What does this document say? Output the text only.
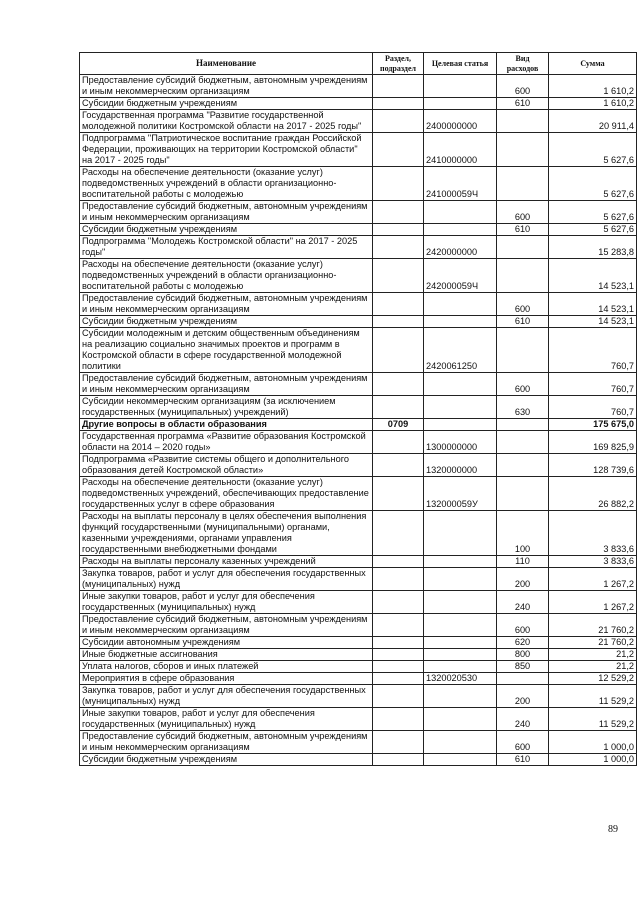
Наименование	Раздел, подраздел	Целевая статья	Вид расходов	Сумма
Предоставление субсидий бюджетным, автономным учреждениям и иным некоммерческим организациям			600	1 610,2
Субсидии бюджетным учреждениям			610	1 610,2
Государственная программа "Развитие государственной молодежной политики Костромской области на 2017 - 2025 годы"		2400000000		20 911,4
Подпрограмма "Патриотическое воспитание граждан Российской Федерации, проживающих на территории Костромской области" на 2017 - 2025 годы"		2410000000		5 627,6
Расходы на обеспечение деятельности (оказание услуг) подведомственных учреждений в области организационно-воспитательной работы с молодежью		241000059Ч		5 627,6
Предоставление субсидий бюджетным, автономным учреждениям и иным некоммерческим организациям			600	5 627,6
Субсидии бюджетным учреждениям			610	5 627,6
Подпрограмма "Молодежь Костромской области" на 2017 - 2025 годы"		2420000000		15 283,8
Расходы на обеспечение деятельности (оказание услуг) подведомственных учреждений в области организационно-воспитательной работы с молодежью		242000059Ч		14 523,1
Предоставление субсидий бюджетным, автономным учреждениям и иным некоммерческим организациям			600	14 523,1
Субсидии бюджетным учреждениям			610	14 523,1
Субсидии молодежным и детским общественным объединениям на реализацию социально значимых проектов и программ в Костромской области в сфере государственной молодежной политики		2420061250		760,7
Предоставление субсидий бюджетным, автономным учреждениям и иным некоммерческим организациям			600	760,7
Субсидии некоммерческим организациям (за исключением государственных (муниципальных) учреждений)			630	760,7
Другие вопросы в области образования	0709			175 675,0
Государственная программа «Развитие образования Костромской области на 2014 – 2020 годы»		1300000000		169 825,9
Подпрограмма «Развитие системы общего и дополнительного образования детей Костромской области»		1320000000		128 739,6
Расходы на обеспечение деятельности (оказание услуг) подведомственных учреждений, обеспечивающих предоставление государственных услуг в сфере образования		132000059У		26 882,2
Расходы на выплаты персоналу в целях обеспечения выполнения функций государственными (муниципальными) органами, казенными учреждениями, органами управления государственными внебюджетными фондами			100	3 833,6
Расходы на выплаты персоналу казенных учреждений			110	3 833,6
Закупка товаров, работ и услуг для обеспечения государственных (муниципальных) нужд			200	1 267,2
Иные закупки товаров, работ и услуг для обеспечения государственных (муниципальных) нужд			240	1 267,2
Предоставление субсидий бюджетным, автономным учреждениям и иным некоммерческим организациям			600	21 760,2
Субсидии автономным учреждениям			620	21 760,2
Иные бюджетные ассигнования			800	21,2
Уплата налогов, сборов и иных платежей			850	21,2
Мероприятия в сфере образования		1320020530		12 529,2
Закупка товаров, работ и услуг для обеспечения государственных (муниципальных) нужд			200	11 529,2
Иные закупки товаров, работ и услуг для обеспечения государственных (муниципальных) нужд			240	11 529,2
Предоставление субсидий бюджетным, автономным учреждениям и иным некоммерческим организациям			600	1 000,0
Субсидии бюджетным учреждениям			610	1 000,0
89
